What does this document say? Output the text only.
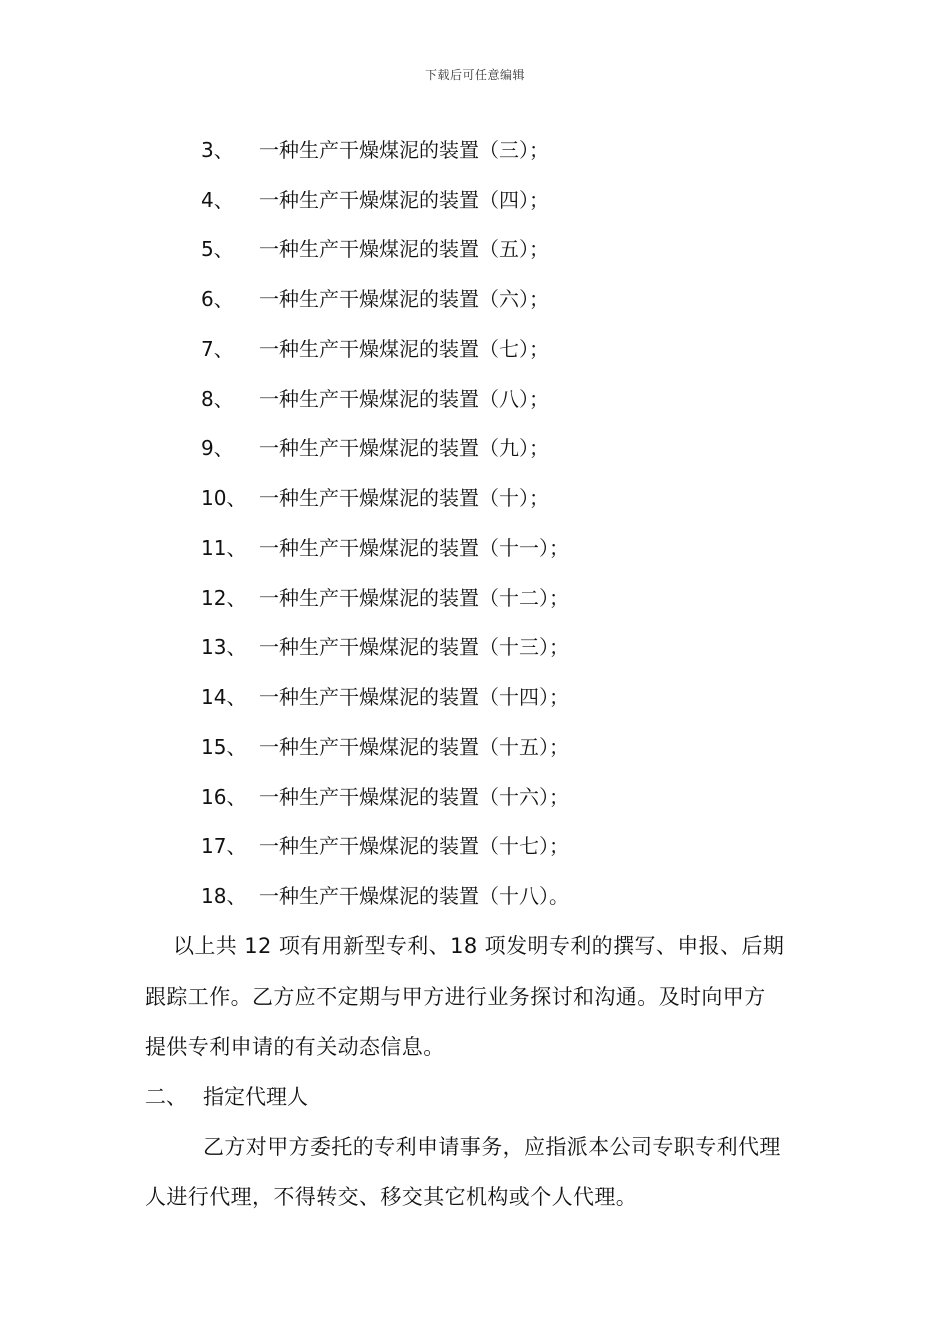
下载后可任意编辑
3、 一种生产干燥煤泥的装置（三）；
4、 一种生产干燥煤泥的装置（四）；
5、 一种生产干燥煤泥的装置（五）；
6、 一种生产干燥煤泥的装置（六）；
7、 一种生产干燥煤泥的装置（七）；
8、 一种生产干燥煤泥的装置（八）；
9、 一种生产干燥煤泥的装置（九）；
10、 一种生产干燥煤泥的装置（十）；
11、 一种生产干燥煤泥的装置（十一）；
12、 一种生产干燥煤泥的装置（十二）；
13、 一种生产干燥煤泥的装置（十三）；
14、 一种生产干燥煤泥的装置（十四）；
15、 一种生产干燥煤泥的装置（十五）；
16、 一种生产干燥煤泥的装置（十六）；
17、 一种生产干燥煤泥的装置（十七）；
18、 一种生产干燥煤泥的装置（十八）。
以上共 12 项有用新型专利、18 项发明专利的撰写、申报、后期
跟踪工作。乙方应不定期与甲方进行业务探讨和沟通。及时向甲方
提供专利申请的有关动态信息。
二、 指定代理人
乙方对甲方委托的专利申请事务，应指派本公司专职专利代理
人进行代理，不得转交、移交其它机构或个人代理。
